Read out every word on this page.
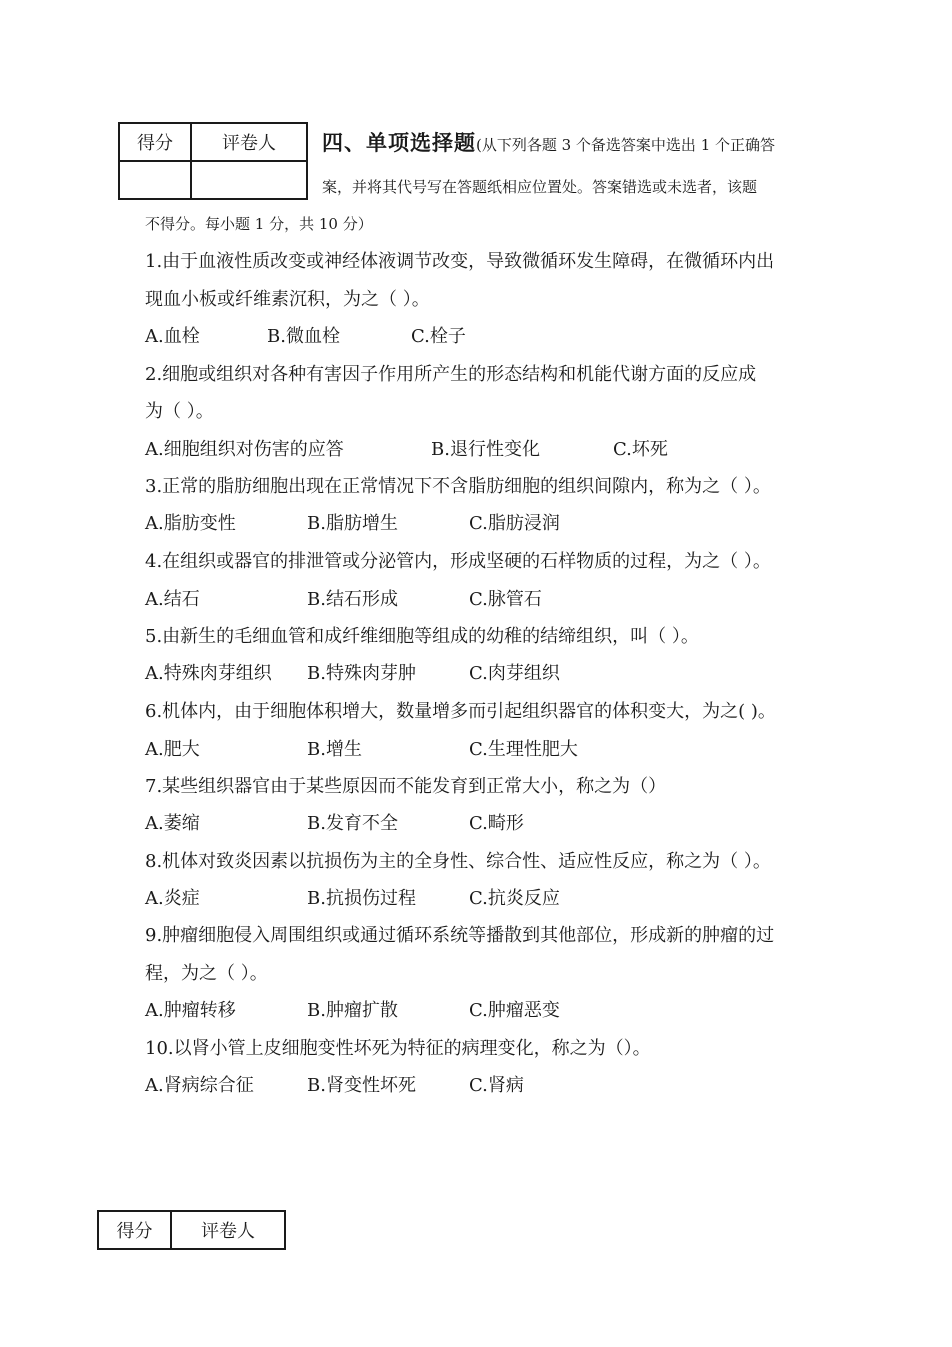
得分	评卷人
	四、单项选择题(从下列各题 3 个备选答案中选出 1 个正确答
案，并将其代号写在答题纸相应位置处。答案错选或未选者，该题
不得分。每小题 1 分，共 10 分）
1.由于血液性质改变或神经体液调节改变，导致微循环发生障碍，在微循环内出
现血小板或纤维素沉积，为之（ ）。
A.血栓	B.微血栓	C.栓子
2.细胞或组织对各种有害因子作用所产生的形态结构和机能代谢方面的反应成
为（ ）。
A.细胞组织对伤害的应答	B.退行性变化	C.坏死
3.正常的脂肪细胞出现在正常情况下不含脂肪细胞的组织间隙内，称为之（ ）。
A.脂肪变性	B.脂肪增生	C.脂肪浸润
4.在组织或器官的排泄管或分泌管内，形成坚硬的石样物质的过程，为之（ ）。
A.结石	B.结石形成	C.脉管石
5.由新生的毛细血管和成纤维细胞等组成的幼稚的结缔组织，叫（ ）。
A.特殊肉芽组织 B.特殊肉芽肿	C.肉芽组织
6.机体内，由于细胞体积增大，数量增多而引起组织器官的体积变大，为之( )。
A.肥大	B.增生	C.生理性肥大
7.某些组织器官由于某些原因而不能发育到正常大小，称之为（）
A.萎缩	B.发育不全	C.畸形
8.机体对致炎因素以抗损伤为主的全身性、综合性、适应性反应，称之为（ ）。
A.炎症	B.抗损伤过程	C.抗炎反应
9.肿瘤细胞侵入周围组织或通过循环系统等播散到其他部位，形成新的肿瘤的过
程，为之（ ）。
A.肿瘤转移	B.肿瘤扩散	C.肿瘤恶变
10.以肾小管上皮细胞变性坏死为特征的病理变化，称之为（）。
A.肾病综合征	B.肾变性坏死	C.肾病
得分	评卷人
